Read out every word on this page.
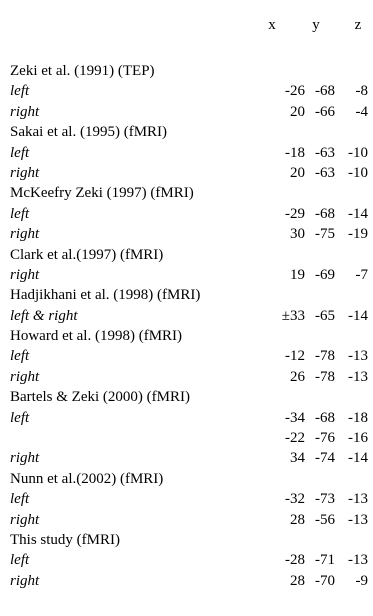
x	y	z
Zeki et al. (1991) (TEP)
left	-26 -68 -8
right	20 -66 -4
Sakai et al. (1995) (fMRI)
left	-18 -63 -10
right	20 -63 -10
McKeefry Zeki (1997) (fMRI)
left	-29 -68 -14
right	30 -75 -19
Clark et al.(1997) (fMRI)
right	19 -69 -7
Hadjikhani et al. (1998) (fMRI)
left & right	±33 -65 -14
Howard et al. (1998) (fMRI)
left	-12 -78 -13
right	26 -78 -13
Bartels & Zeki (2000) (fMRI)
left	-34 -68 -18
-22 -76 -16
right	34 -74 -14
Nunn et al.(2002) (fMRI)
left	-32 -73 -13
right	28 -56 -13
This study (fMRI)
left	-28 -71 -13
right	28 -70 -9
